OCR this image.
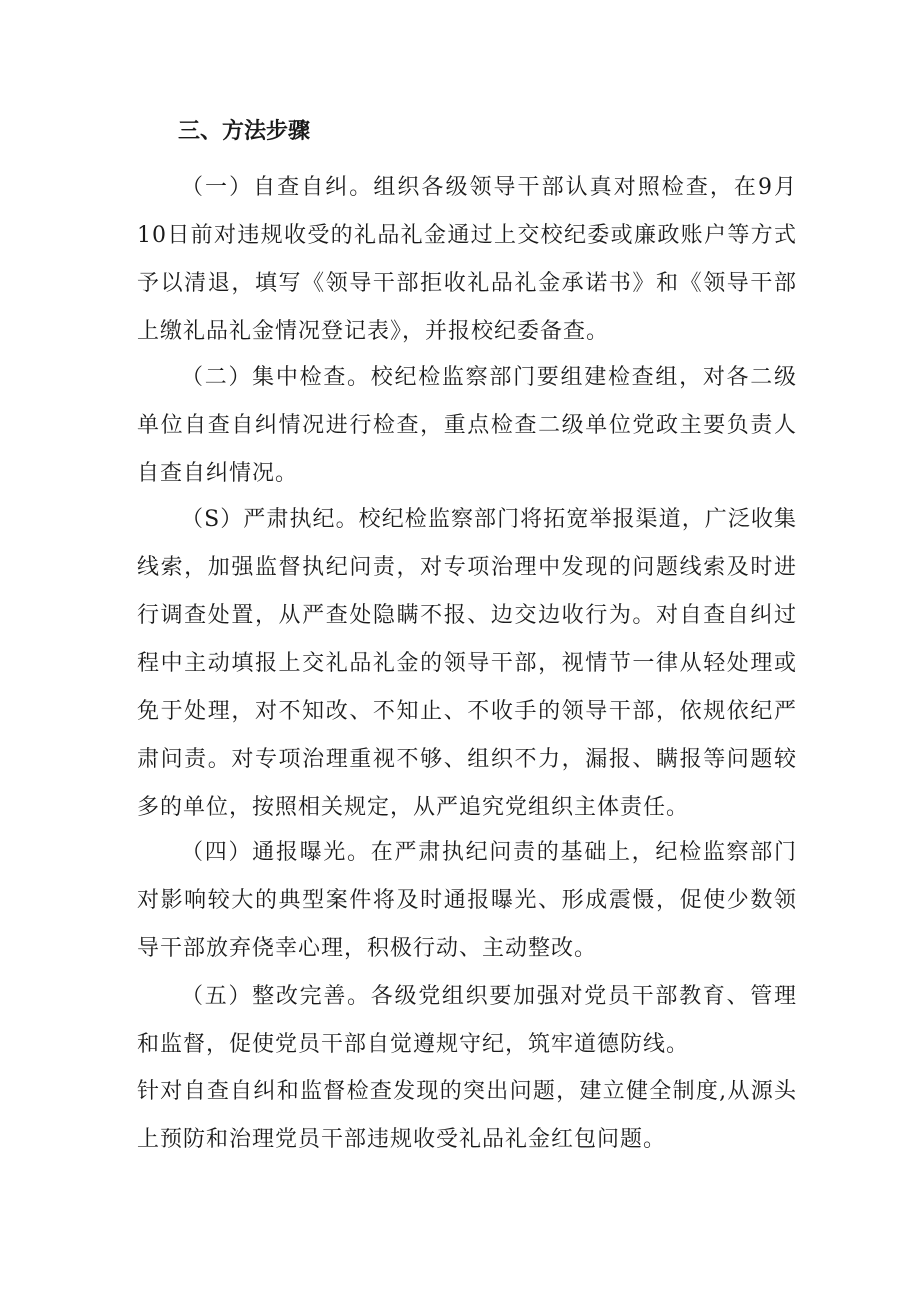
三、方法步骤

（一）自查自纠。组织各级领导干部认真对照检查，在9月10日前对违规收受的礼品礼金通过上交校纪委或廉政账户等方式予以清退，填写《领导干部拒收礼品礼金承诺书》和《领导干部上缴礼品礼金情况登记表》，并报校纪委备查。

（二）集中检查。校纪检监察部门要组建检查组，对各二级单位自查自纠情况进行检查，重点检查二级单位党政主要负责人自查自纠情况。

（S）严肃执纪。校纪检监察部门将拓宽举报渠道，广泛收集线索，加强监督执纪问责，对专项治理中发现的问题线索及时进行调查处置，从严查处隐瞒不报、边交边收行为。对自查自纠过程中主动填报上交礼品礼金的领导干部，视情节一律从轻处理或免于处理，对不知改、不知止、不收手的领导干部，依规依纪严肃问责。对专项治理重视不够、组织不力，漏报、瞒报等问题较多的单位，按照相关规定，从严追究党组织主体责任。

（四）通报曝光。在严肃执纪问责的基础上，纪检监察部门对影响较大的典型案件将及时通报曝光、形成震慑，促使少数领导干部放弃侥幸心理，积极行动、主动整改。

（五）整改完善。各级党组织要加强对党员干部教育、管理和监督，促使党员干部自觉遵规守纪，筑牢道德防线。

针对自查自纠和监督检查发现的突出问题，建立健全制度,从源头上预防和治理党员干部违规收受礼品礼金红包问题。
